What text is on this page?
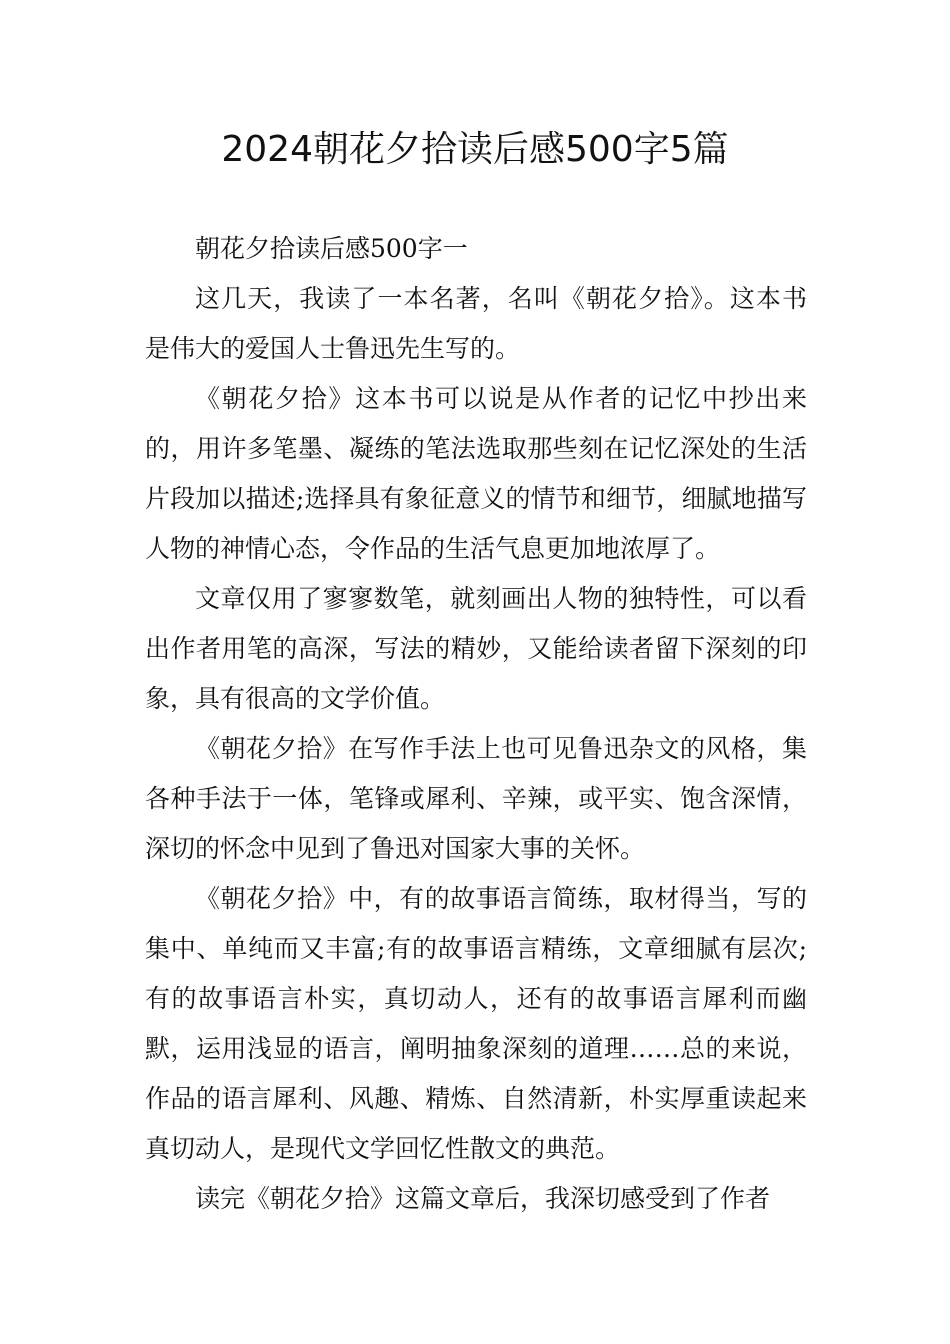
2024朝花夕拾读后感500字5篇

朝花夕拾读后感500字一

这几天，我读了一本名著，名叫《朝花夕拾》。这本书是伟大的爱国人士鲁迅先生写的。

《朝花夕拾》这本书可以说是从作者的记忆中抄出来的，用许多笔墨、凝练的笔法选取那些刻在记忆深处的生活片段加以描述;选择具有象征意义的情节和细节，细腻地描写人物的神情心态，令作品的生活气息更加地浓厚了。

文章仅用了寥寥数笔，就刻画出人物的独特性，可以看出作者用笔的高深，写法的精妙，又能给读者留下深刻的印象，具有很高的文学价值。

《朝花夕拾》在写作手法上也可见鲁迅杂文的风格，集各种手法于一体，笔锋或犀利、辛辣，或平实、饱含深情，深切的怀念中见到了鲁迅对国家大事的关怀。

《朝花夕拾》中，有的故事语言简练，取材得当，写的集中、单纯而又丰富;有的故事语言精练，文章细腻有层次;有的故事语言朴实，真切动人，还有的故事语言犀利而幽默，运用浅显的语言，阐明抽象深刻的道理……总的来说，作品的语言犀利、风趣、精炼、自然清新，朴实厚重读起来真切动人，是现代文学回忆性散文的典范。

读完《朝花夕拾》这篇文章后，我深切感受到了作者
